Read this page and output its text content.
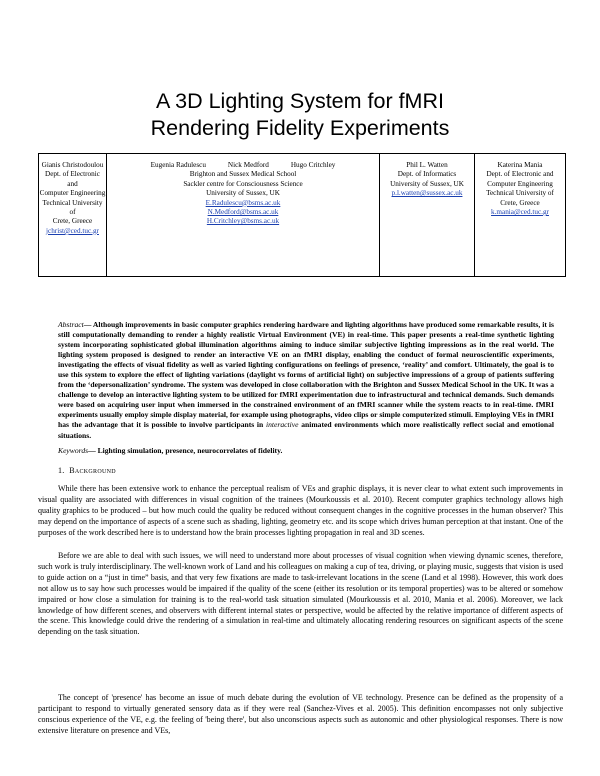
A 3D Lighting System for fMRI
Rendering Fidelity Experiments
Gianis Christodoulou
Dept. of Electronic and
Computer Engineering
Technical University of
Crete, Greece
jchrist@ced.tuc.gr
Eugenia Radulescu	Nick Medford	Hugo Critchley
Brighton and Sussex Medical School
Sackler centre for Consciousness Science
University of Sussex, UK
E.Radulescu@bsms.ac.uk
N.Medford@bsms.ac.uk
H.Critchley@bsms.ac.uk
Phil L. Watten
Dept. of Informatics
University of Sussex, UK
p.l.watten@sussex.ac.uk
Katerina Mania
Dept. of Electronic and
Computer Engineering
Technical University of
Crete, Greece
k.mania@ced.tuc.gr
Abstract— Although improvements in basic computer graphics rendering hardware and lighting algorithms have produced some remarkable results, it is still computationally demanding to render a highly realistic Virtual Environment (VE) in real-time. This paper presents a real-time synthetic lighting system incorporating sophisticated global illumination algorithms aiming to induce similar subjective lighting impressions as in the real world. The lighting system proposed is designed to render an interactive VE on an fMRI display, enabling the conduct of formal neuroscientific experiments, investigating the effects of visual fidelity as well as varied lighting configurations on feelings of presence, ‘reality’ and comfort. Ultimately, the goal is to use this system to explore the effect of lighting variations (daylight vs forms of artificial light) on subjective impressions of a group of patients suffering from the ‘depersonalization’ syndrome. The system was developed in close collaboration with the Brighton and Sussex Medical School in the UK. It was a challenge to develop an interactive lighting system to be utilized for fMRI experimentation due to infrastructural and technical demands. Such demands were based on acquiring user input when immersed in the constrained environment of an fMRI scanner while the system reacts to in real-time. fMRI experiments usually employ simple display material, for example using photographs, video clips or simple computerized stimuli. Employing VEs in fMRI has the advantage that it is possible to involve participants in interactive animated environments which more realistically reflect social and emotional situations.
Keywords— Lighting simulation, presence, neurocorrelates of fidelity.
1. Background

While there has been extensive work to enhance the perceptual realism of VEs and graphic displays, it is never clear to what extent such improvements in visual quality are associated with differences in visual cognition of the trainees (Mourkoussis et al. 2010). Recent computer graphics technology allows high quality graphics to be produced – but how much could the quality be reduced without consequent changes in the cognitive processes in the human observer? This may depend on the importance of aspects of a scene such as shading, lighting, geometry etc. and its scope which drives human perception at that instant. One of the purposes of the work described here is to understand how the brain processes lighting propagation in real and 3D scenes.

Before we are able to deal with such issues, we will need to understand more about processes of visual cognition when viewing dynamic scenes, therefore, such work is truly interdisciplinary. The well-known work of Land and his colleagues on making a cup of tea, driving, or playing music, suggests that vision is used to guide action on a “just in time” basis, and that very few fixations are made to task-irrelevant locations in the scene (Land et al 1998). However, this work does not allow us to say how such processes would be impaired if the quality of the scene (either its resolution or its temporal properties) was to be altered or somehow impaired or how close a simulation for training is to the real-world task situation simulated (Mourkoussis et al. 2010, Mania et al. 2006). Moreover, we lack knowledge of how different scenes, and observers with different internal states or perspective, would be affected by the relative importance of different aspects of the scene. This knowledge could drive the rendering of a simulation in real-time and ultimately allocating rendering resources on significant aspects of the scene depending on the task situation.

The concept of 'presence' has become an issue of much debate during the evolution of VE technology. Presence can be defined as the propensity of a participant to respond to virtually generated sensory data as if they were real (Sanchez-Vives et al. 2005). This definition encompasses not only subjective conscious experience of the VE, e.g. the feeling of 'being there', but also unconscious aspects such as autonomic and other physiological responses. There is now extensive literature on presence and VEs,
